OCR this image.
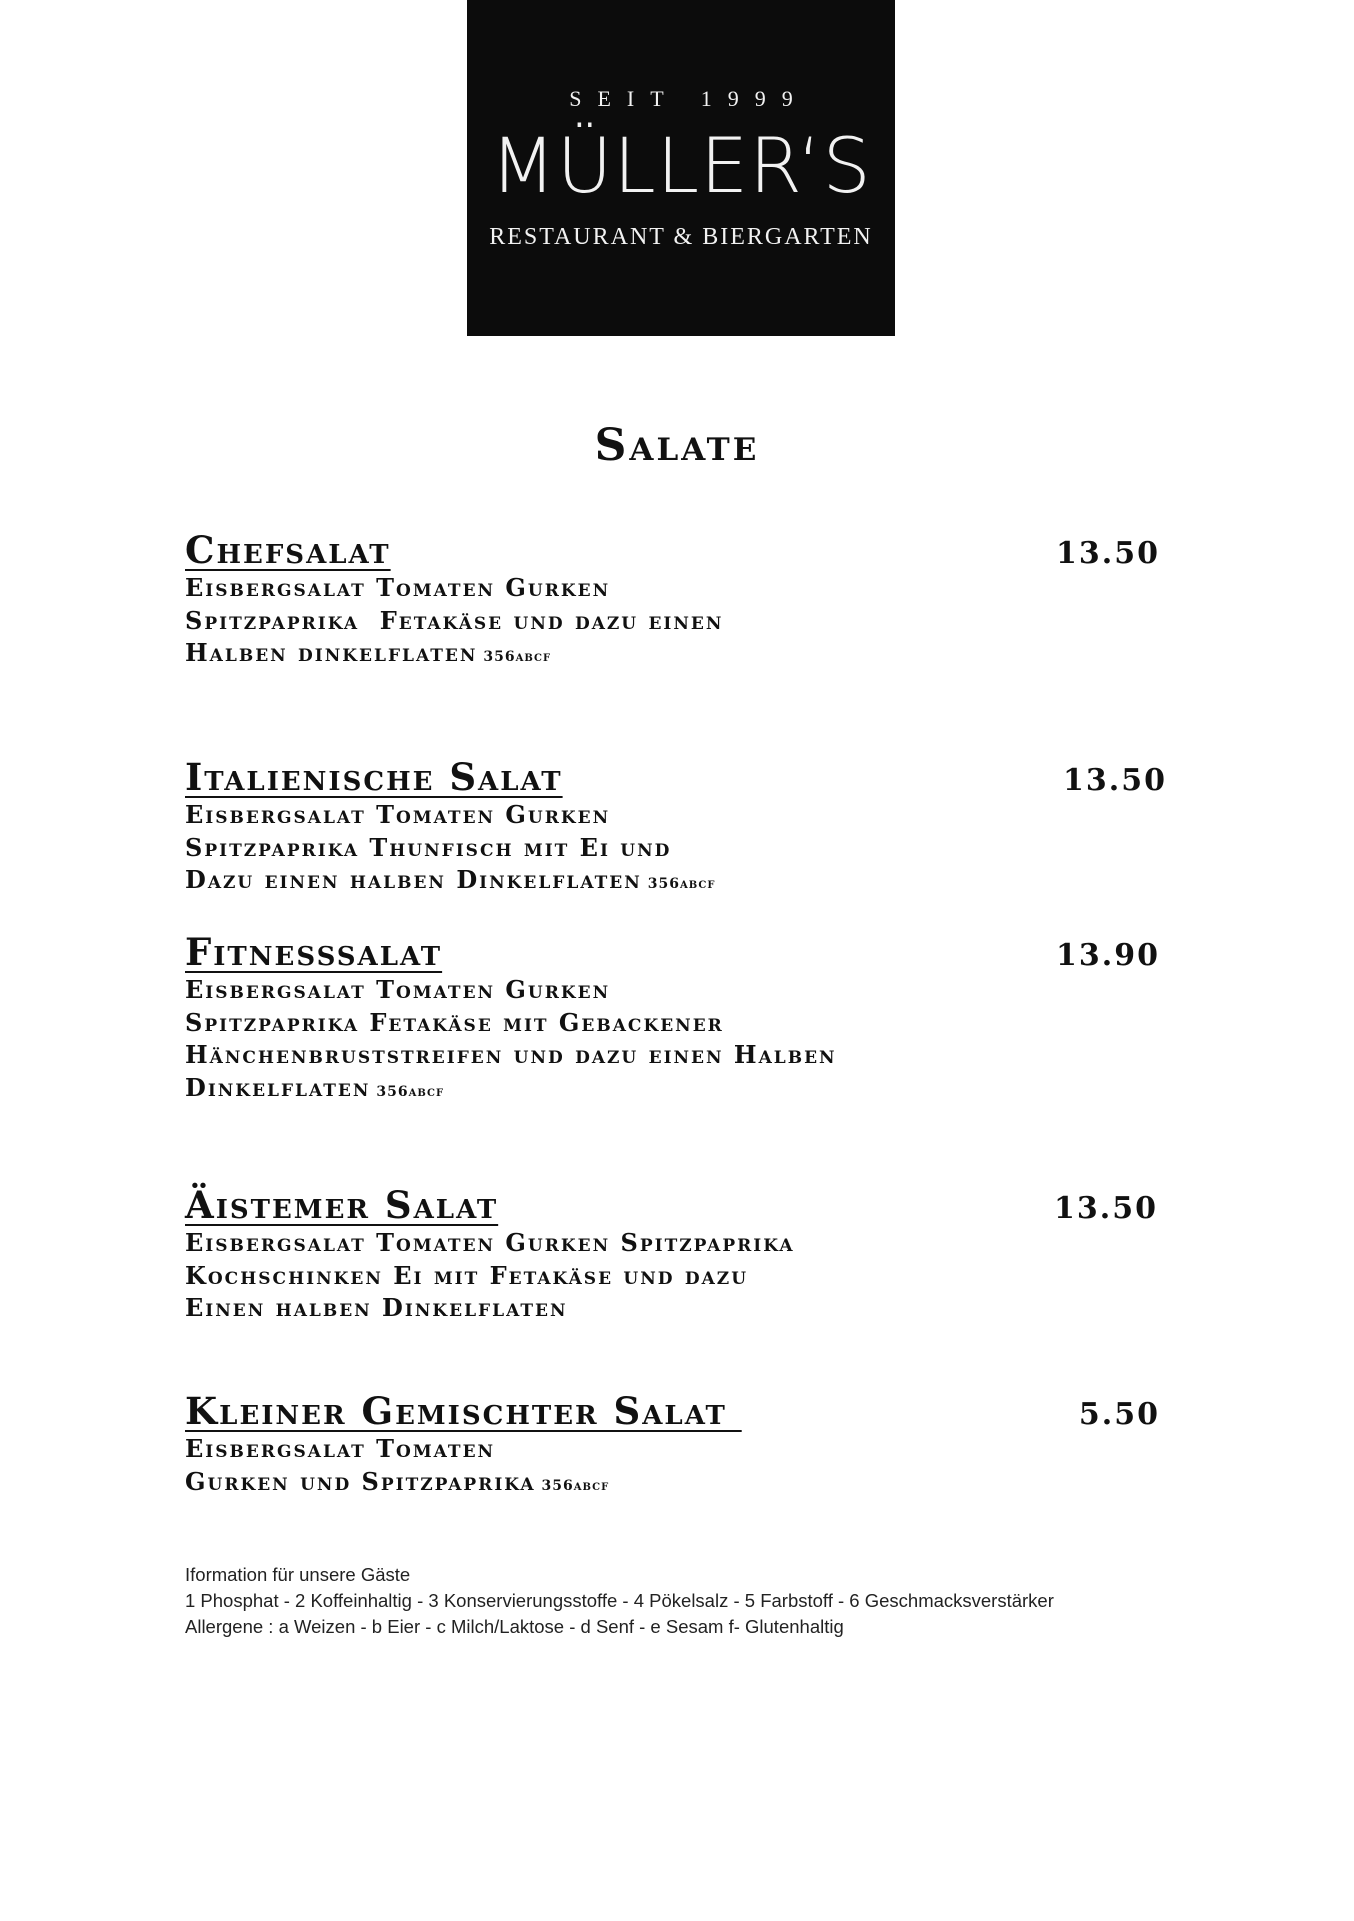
SEIT 1999
MÜLLER‘S
RESTAURANT & BIERGARTEN
Salate
Chefsalat	13.50
Eisbergsalat Tomaten Gurken
Spitzpaprika  Fetakäse und dazu einen
Halben dinkelflaten 356abcf
Italienische Salat	13.50
Eisbergsalat Tomaten Gurken
Spitzpaprika Thunfisch mit Ei und
Dazu einen halben Dinkelflaten 356abcf
Fitnesssalat	13.90
Eisbergsalat Tomaten Gurken
Spitzpaprika Fetakäse mit Gebackener
Hänchenbruststreifen und dazu einen Halben
Dinkelflaten 356abcf
Äistemer Salat	13.50
Eisbergsalat Tomaten Gurken Spitzpaprika
Kochschinken Ei mit Fetakäse und dazu
Einen halben Dinkelflaten
Kleiner Gemischter Salat	5.50
Eisbergsalat Tomaten
Gurken und Spitzpaprika 356abcf
Iformation für unsere Gäste
1 Phosphat - 2 Koffeinhaltig - 3 Konservierungsstoffe - 4 Pökelsalz - 5 Farbstoff - 6 Geschmacksverstärker
Allergene : a Weizen - b Eier - c Milch/Laktose - d Senf - e Sesam f- Glutenhaltig
